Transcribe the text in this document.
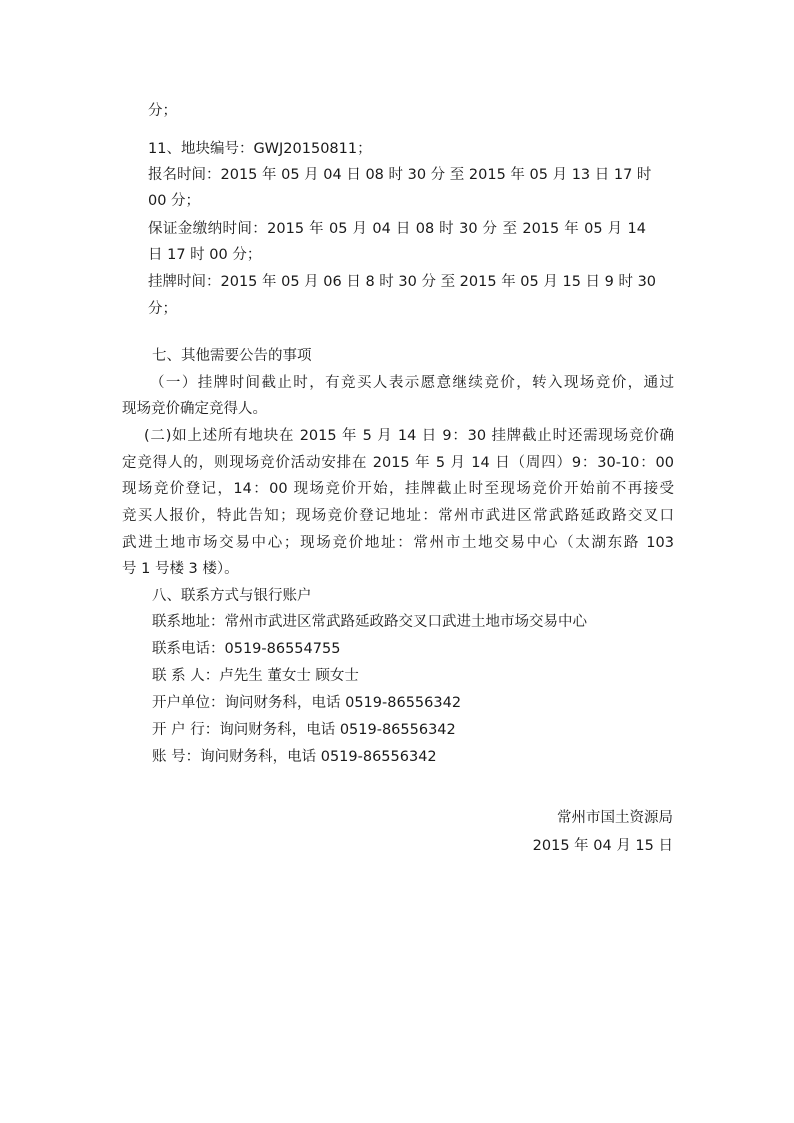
分；
11、地块编号：GWJ20150811；
报名时间：2015 年 05 月 04 日 08 时 30 分 至 2015 年 05 月 13 日 17 时
00 分；
保证金缴纳时间：2015 年 05 月 04 日 08 时 30 分 至 2015 年 05 月 14
日 17 时 00 分；
挂牌时间：2015 年 05 月 06 日 8 时 30 分 至 2015 年 05 月 15 日 9 时 30
分；
七、其他需要公告的事项
（一）挂牌时间截止时，有竞买人表示愿意继续竞价，转入现场竞价，通过
现场竞价确定竞得人。
(二)如上述所有地块在 2015 年 5 月 14 日 9：30 挂牌截止时还需现场竞价确
定竞得人的，则现场竞价活动安排在 2015 年 5 月 14 日（周四）9：30-10：00
现场竞价登记，14：00 现场竞价开始，挂牌截止时至现场竞价开始前不再接受
竞买人报价，特此告知；现场竞价登记地址：常州市武进区常武路延政路交叉口
武进土地市场交易中心；现场竞价地址：常州市土地交易中心（太湖东路 103
号 1 号楼 3 楼）。
八、联系方式与银行账户
联系地址：常州市武进区常武路延政路交叉口武进土地市场交易中心
联系电话：0519-86554755
联 系 人：卢先生 董女士 顾女士
开户单位：询问财务科，电话 0519-86556342
开 户 行：询问财务科，电话 0519-86556342
账 号：询问财务科，电话 0519-86556342
常州市国土资源局
2015 年 04 月 15 日
